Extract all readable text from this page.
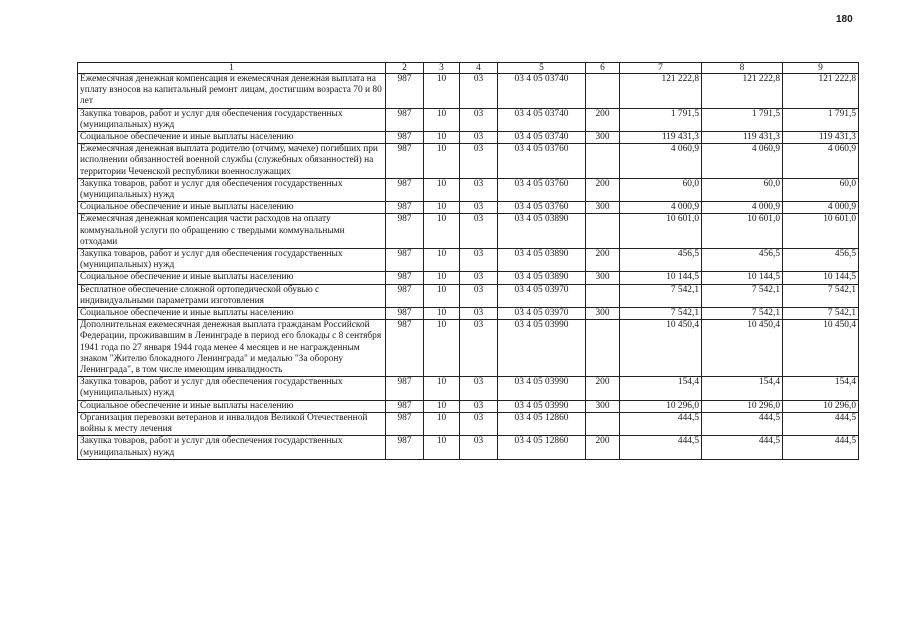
180
1	2	3	4	5	6	7	8	9
Ежемесячная денежная компенсация и ежемесячная денежная выплата на уплату взносов на капитальный ремонт лицам, достигшим возраста 70 и 80 лет	987	10	03	03 4 05 03740		121 222,8	121 222,8	121 222,8
Закупка товаров, работ и услуг для обеспечения государственных (муниципальных) нужд	987	10	03	03 4 05 03740	200	1 791,5	1 791,5	1 791,5
Социальное обеспечение и иные выплаты населению	987	10	03	03 4 05 03740	300	119 431,3	119 431,3	119 431,3
Ежемесячная денежная выплата родителю (отчиму, мачехе) погибших при исполнении обязанностей военной службы (служебных обязанностей) на территории Чеченской республики военнослужащих	987	10	03	03 4 05 03760		4 060,9	4 060,9	4 060,9
Закупка товаров, работ и услуг для обеспечения государственных (муниципальных) нужд	987	10	03	03 4 05 03760	200	60,0	60,0	60,0
Социальное обеспечение и иные выплаты населению	987	10	03	03 4 05 03760	300	4 000,9	4 000,9	4 000,9
Ежемесячная денежная компенсация части расходов на оплату коммунальной услуги по обращению с твердыми коммунальными отходами	987	10	03	03 4 05 03890		10 601,0	10 601,0	10 601,0
Закупка товаров, работ и услуг для обеспечения государственных (муниципальных) нужд	987	10	03	03 4 05 03890	200	456,5	456,5	456,5
Социальное обеспечение и иные выплаты населению	987	10	03	03 4 05 03890	300	10 144,5	10 144,5	10 144,5
Бесплатное обеспечение сложной ортопедической обувью с индивидуальными параметрами изготовления	987	10	03	03 4 05 03970		7 542,1	7 542,1	7 542,1
Социальное обеспечение и иные выплаты населению	987	10	03	03 4 05 03970	300	7 542,1	7 542,1	7 542,1
Дополнительная ежемесячная денежная выплата гражданам Российской Федерации, проживавшим в Ленинграде в период его блокады с 8 сентября 1941 года по 27 января 1944 года менее 4 месяцев и не награжденным знаком "Жителю блокадного Ленинграда" и медалью "За оборону Ленинграда", в том числе имеющим инвалидность	987	10	03	03 4 05 03990		10 450,4	10 450,4	10 450,4
Закупка товаров, работ и услуг для обеспечения государственных (муниципальных) нужд	987	10	03	03 4 05 03990	200	154,4	154,4	154,4
Социальное обеспечение и иные выплаты населению	987	10	03	03 4 05 03990	300	10 296,0	10 296,0	10 296,0
Организация перевозки ветеранов и инвалидов Великой Отечественной войны к месту лечения	987	10	03	03 4 05 12860		444,5	444,5	444,5
Закупка товаров, работ и услуг для обеспечения государственных (муниципальных) нужд	987	10	03	03 4 05 12860	200	444,5	444,5	444,5
